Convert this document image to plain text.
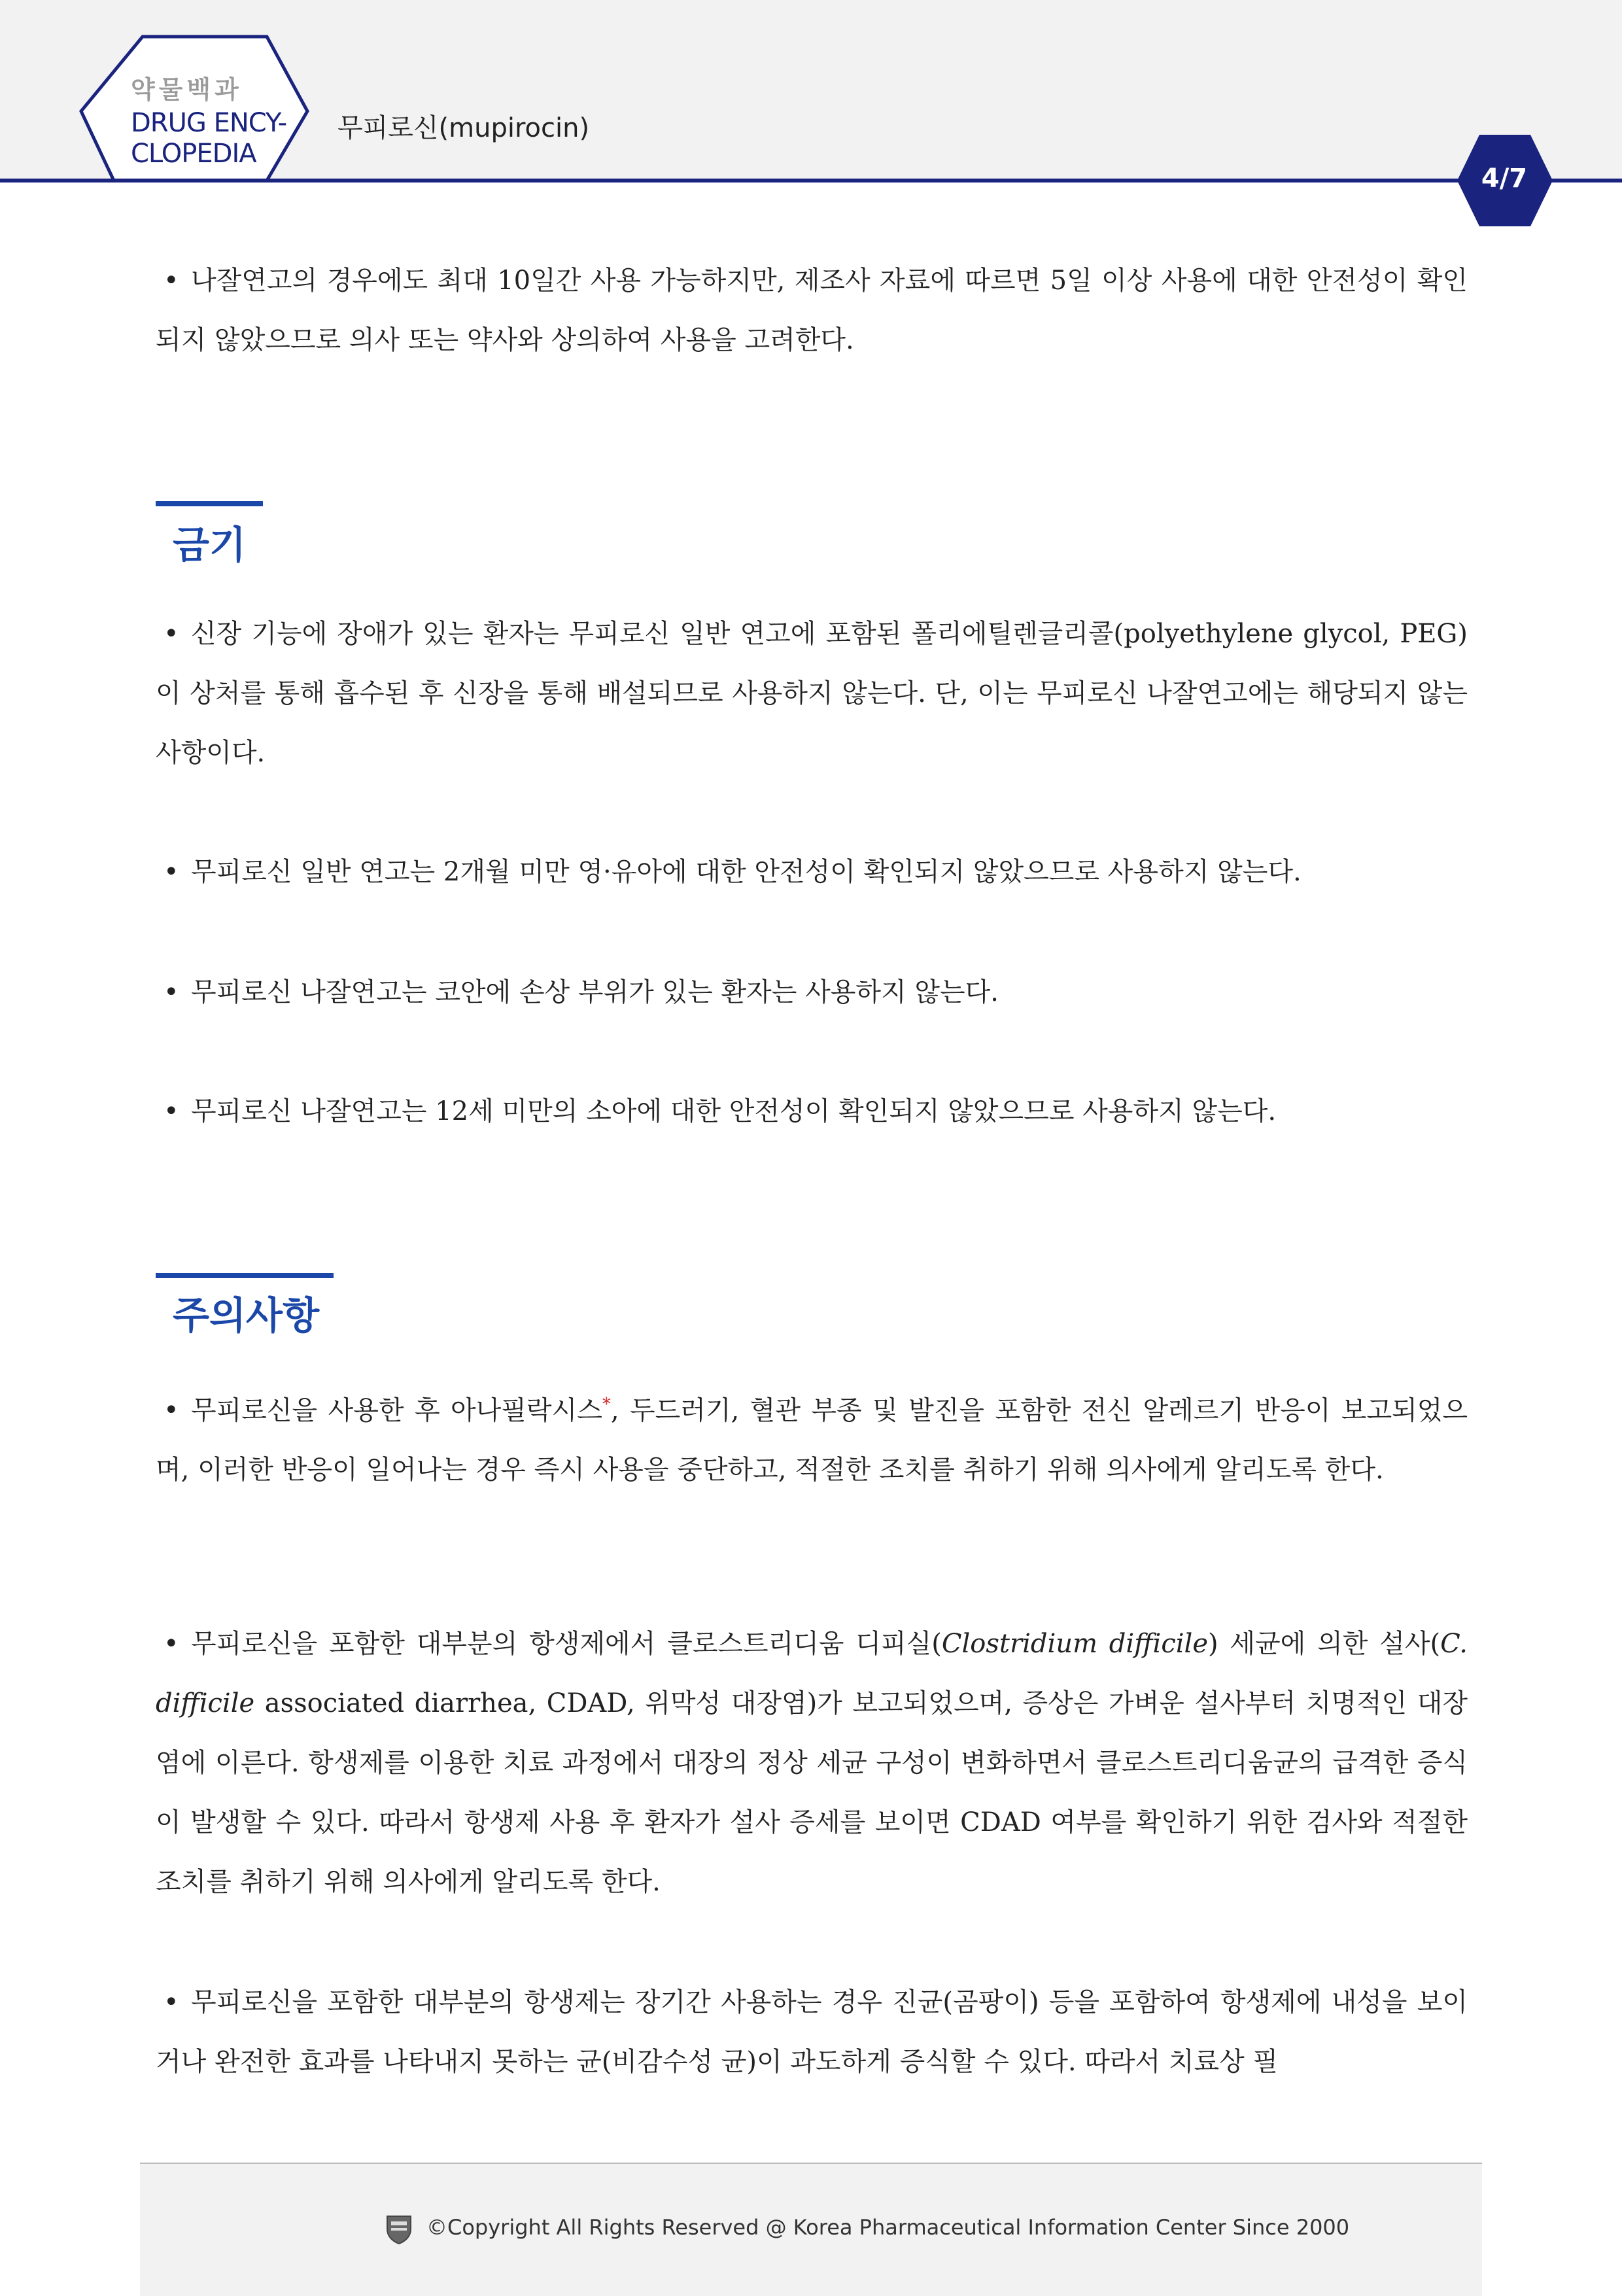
약물백과
DRUG ENCY-
CLOPEDIA
무피로신(mupirocin)
4/7
• 나잘연고의 경우에도 최대 10일간 사용 가능하지만, 제조사 자료에 따르면 5일 이상 사용에 대한 안전성이 확인되지 않았으므로 의사 또는 약사와 상의하여 사용을 고려한다.
금기
• 신장 기능에 장애가 있는 환자는 무피로신 일반 연고에 포함된 폴리에틸렌글리콜(polyethylene glycol, PEG)이 상처를 통해 흡수된 후 신장을 통해 배설되므로 사용하지 않는다. 단, 이는 무피로신 나잘연고에는 해당되지 않는 사항이다.
• 무피로신 일반 연고는 2개월 미만 영·유아에 대한 안전성이 확인되지 않았으므로 사용하지 않는다.
• 무피로신 나잘연고는 코안에 손상 부위가 있는 환자는 사용하지 않는다.
• 무피로신 나잘연고는 12세 미만의 소아에 대한 안전성이 확인되지 않았으므로 사용하지 않는다.
주의사항
• 무피로신을 사용한 후 아나필락시스*, 두드러기, 혈관 부종 및 발진을 포함한 전신 알레르기 반응이 보고되었으며, 이러한 반응이 일어나는 경우 즉시 사용을 중단하고, 적절한 조치를 취하기 위해 의사에게 알리도록 한다.
• 무피로신을 포함한 대부분의 항생제에서 클로스트리디움 디피실(Clostridium difficile) 세균에 의한 설사(C. difficile associated diarrhea, CDAD, 위막성 대장염)가 보고되었으며, 증상은 가벼운 설사부터 치명적인 대장염에 이른다. 항생제를 이용한 치료 과정에서 대장의 정상 세균 구성이 변화하면서 클로스트리디움균의 급격한 증식이 발생할 수 있다. 따라서 항생제 사용 후 환자가 설사 증세를 보이면 CDAD 여부를 확인하기 위한 검사와 적절한 조치를 취하기 위해 의사에게 알리도록 한다.
• 무피로신을 포함한 대부분의 항생제는 장기간 사용하는 경우 진균(곰팡이) 등을 포함하여 항생제에 내성을 보이거나 완전한 효과를 나타내지 못하는 균(비감수성 균)이 과도하게 증식할 수 있다. 따라서 치료상 필
©Copyright All Rights Reserved @ Korea Pharmaceutical Information Center Since 2000
